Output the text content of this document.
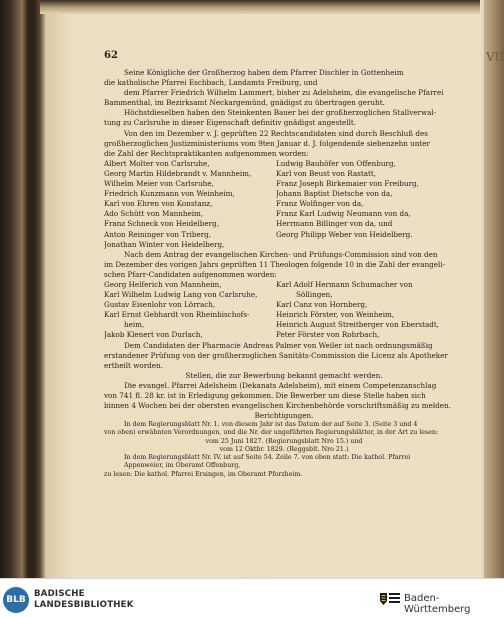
VII
62
Seine Königliche der Großherzog haben dem Pfarrer Dischler in Gottenheim
die katholische Pfarrei Eschbach, Landamts Freiburg, und
dem Pfarrer Friedrich Wilhelm Lammert, bisher zu Adelsheim, die evangelische Pfarrei
Bammenthal, im Bezirksamt Neckargemünd, gnädigst zu übertragen geruht.
Höchstdieselben haben den Steinkenten Bauer bei der großherzoglichen Stallverwal-
tung zu Carlsruhe in dieser Eigenschaft definitiv gnädigst angestellt.
Von den im Dezember v. J. geprüften 22 Rechtscandidaten sind durch Beschluß des
großherzoglichen Justizministeriums vom 9ten Januar d. J. folgendende siebenzehn unter
die Zahl der Rechtspraktikanten aufgenommen worden:
Albert Molter von Carlsruhe,
Georg Martin Hildebrandt v. Mannheim,
Wilhelm Meier von Carlsruhe,
Friedrich Kunzmann von Weinheim,
Karl von Ehren von Konstanz,
Ado Schütt von Mannheim,
Franz Schneck von Heidelberg,
Anton Reininger von Triberg,
Jonathan Winter von Heidelberg,
Ludwig Bauhöfer von Offenburg,
Karl von Beust von Rastatt,
Franz Joseph Birkemaier von Freiburg,
Johann Baptist Dietsche von da,
Franz Wolfinger von da,
Franz Karl Ludwig Neumann von da,
Herrmann Billinger von da, und
Georg Philipp Weber von Heidelberg.
Nach dem Antrag der evangelischen Kirchen- und Prüfungs-Commission sind von den
im Dezember des vorigen Jahrs geprüften 11 Theologen folgende 10 in die Zahl der evangeli-
schen Pfarr-Candidaten aufgenommen worden:
Georg Helferich von Mannheim,
Karl Wilhelm Ludwig Lang von Carlsruhe,
Gustav Eisenlohr von Lörrach,
Karl Ernst Gebhardt von Rheinbischofs-
heim,
Jakob Klenert von Durlach,
Karl Adolf Hermann Schumacher von
Söllingen,
Karl Canz von Hornberg,
Heinrich Förster, von Weinheim,
Heinrich August Streitberger von Eberstadt,
Peter Förster von Rohrbach,
Dem Candidaten der Pharmacie Andreas Palmer von Weiler ist nach ordnungsmäßig
erstandener Prüfung von der großherzoglichen Sanitäts-Commission die Licenz als Apotheker
ertheilt worden.
Stellen, die zur Bewerbung bekannt gemacht werden.
Die evangel. Pfarrei Adelsheim (Dekanats Adelsheim), mit einem Competenzanschlag
von 741 fl. 28 kr. ist in Erledigung gekommen. Die Bewerber um diese Stelle haben sich
binnen 4 Wochen bei der obersten evangelischen Kirchenbehörde vorschriftsmäßig zu melden.
Berichtigungen.
In dem Regierungsblatt Nr. 1. von diesem Jahr ist das Datum der auf Seite 3. (Seite 3 und 4
von oben) erwähnten Verordnungen, und die Nr. der ungeführten Regierungsblätter, in der Art zu lesen:
vom 25 Juni 1827. (Regierungsblatt Nro 15.) und
vom 12 Oktbr. 1829. (Reggsblt. Nro 21.)
In dem Regierungsblatt Nr. IV. ist auf Seite 54. Zeile 7. von oben statt: Die kathol. Pfarrei
Appenweier, im Oberamt Offenburg,
zu lesen: Die kathol. Pfarrei Ersingen, im Oberamt Pforzheim.
BLB
BADISCHE
LANDESBIBLIOTHEK
Baden-Württemberg
